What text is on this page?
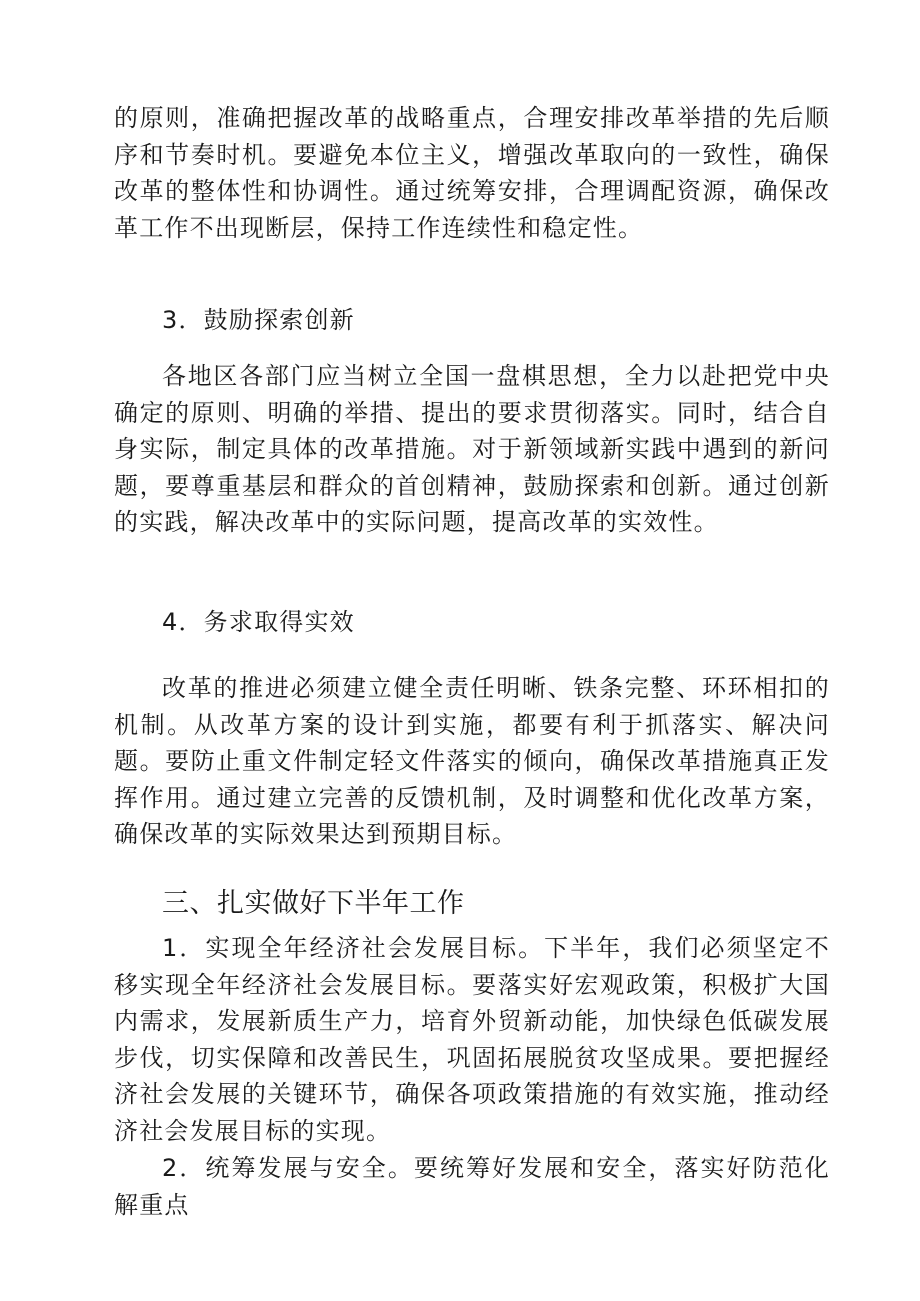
的原则，准确把握改革的战略重点，合理安排改革举措的先后顺序和节奏时机。要避免本位主义，增强改革取向的一致性，确保改革的整体性和协调性。通过统筹安排，合理调配资源，确保改革工作不出现断层，保持工作连续性和稳定性。

3．鼓励探索创新

各地区各部门应当树立全国一盘棋思想，全力以赴把党中央确定的原则、明确的举措、提出的要求贯彻落实。同时，结合自身实际，制定具体的改革措施。对于新领域新实践中遇到的新问题，要尊重基层和群众的首创精神，鼓励探索和创新。通过创新的实践，解决改革中的实际问题，提高改革的实效性。

4．务求取得实效

改革的推进必须建立健全责任明晰、铁条完整、环环相扣的机制。从改革方案的设计到实施，都要有利于抓落实、解决问题。要防止重文件制定轻文件落实的倾向，确保改革措施真正发挥作用。通过建立完善的反馈机制，及时调整和优化改革方案，确保改革的实际效果达到预期目标。

三、扎实做好下半年工作

1．实现全年经济社会发展目标。下半年，我们必须坚定不移实现全年经济社会发展目标。要落实好宏观政策，积极扩大国内需求，发展新质生产力，培育外贸新动能，加快绿色低碳发展步伐，切实保障和改善民生，巩固拓展脱贫攻坚成果。要把握经济社会发展的关键环节，确保各项政策措施的有效实施，推动经济社会发展目标的实现。

2．统筹发展与安全。要统筹好发展和安全，落实好防范化解重点
